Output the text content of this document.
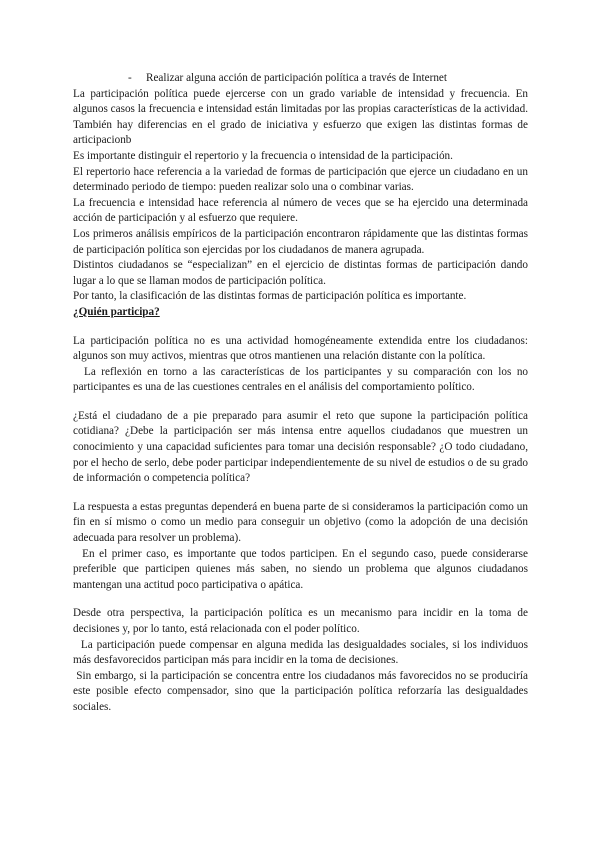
-	Realizar alguna acción de participación política a través de Internet

La participación política puede ejercerse con un grado variable de intensidad y frecuencia. En algunos casos la frecuencia e intensidad están limitadas por las propias características de la actividad. También hay diferencias en el grado de iniciativa y esfuerzo que exigen las distintas formas de articipacionb

Es importante distinguir el repertorio y la frecuencia o intensidad de la participación.

El repertorio hace referencia a la variedad de formas de participación que ejerce un ciudadano en un determinado periodo de tiempo: pueden realizar solo una o combinar varias.

La frecuencia e intensidad hace referencia al número de veces que se ha ejercido una determinada acción de participación y al esfuerzo que requiere.

Los primeros análisis empíricos de la participación encontraron rápidamente que las distintas formas de participación política son ejercidas por los ciudadanos de manera agrupada.

Distintos ciudadanos se “especializan” en el ejercicio de distintas formas de participación dando lugar a lo que se llaman modos de participación política.

Por tanto, la clasificación de las distintas formas de participación política es importante.

¿Quién participa?

La participación política no es una actividad homogéneamente extendida entre los ciudadanos: algunos son muy activos, mientras que otros mantienen una relación distante con la política.

La reflexión en torno a las características de los participantes y su comparación con los no participantes es una de las cuestiones centrales en el análisis del comportamiento político.

¿Está el ciudadano de a pie preparado para asumir el reto que supone la participación política cotidiana? ¿Debe la participación ser más intensa entre aquellos ciudadanos que muestren un conocimiento y una capacidad suficientes para tomar una decisión responsable? ¿O todo ciudadano, por el hecho de serlo, debe poder participar independientemente de su nivel de estudios o de su grado de información o competencia política?

La respuesta a estas preguntas dependerá en buena parte de si consideramos la participación como un fin en sí mismo o como un medio para conseguir un objetivo (como la adopción de una decisión adecuada para resolver un problema).

En el primer caso, es importante que todos participen. En el segundo caso, puede considerarse preferible que participen quienes más saben, no siendo un problema que algunos ciudadanos mantengan una actitud poco participativa o apática.

Desde otra perspectiva, la participación política es un mecanismo para incidir en la toma de decisiones y, por lo tanto, está relacionada con el poder político.

La participación puede compensar en alguna medida las desigualdades sociales, si los individuos más desfavorecidos participan más para incidir en la toma de decisiones.

Sin embargo, si la participación se concentra entre los ciudadanos más favorecidos no se produciría este posible efecto compensador, sino que la participación política reforzaría las desigualdades sociales.
